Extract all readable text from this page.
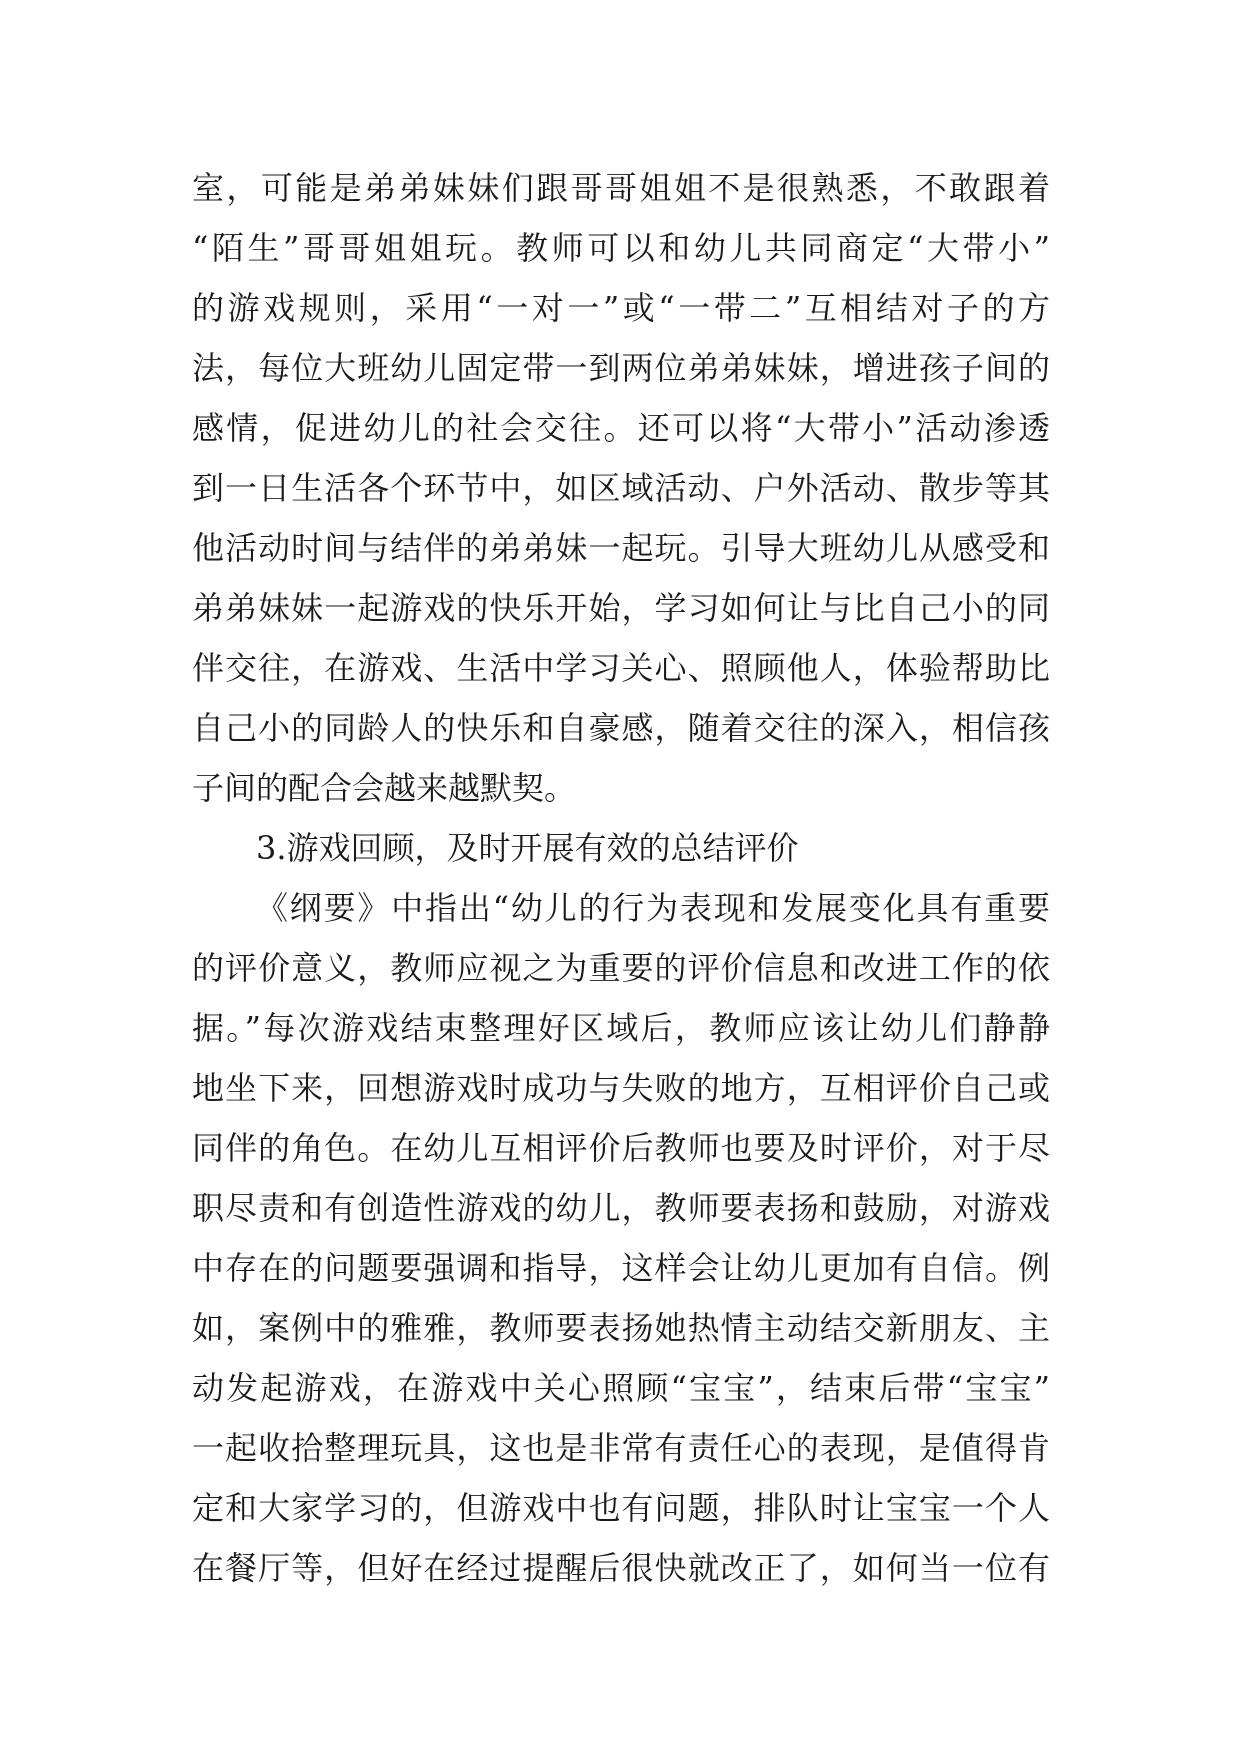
室，可能是弟弟妹妹们跟哥哥姐姐不是很熟悉，不敢跟着
“陌生”哥哥姐姐玩。教师可以和幼儿共同商定“大带小”
的游戏规则，采用“一对一”或“一带二”互相结对子的方
法，每位大班幼儿固定带一到两位弟弟妹妹，增进孩子间的
感情，促进幼儿的社会交往。还可以将“大带小”活动渗透
到一日生活各个环节中，如区域活动、户外活动、散步等其
他活动时间与结伴的弟弟妹一起玩。引导大班幼儿从感受和
弟弟妹妹一起游戏的快乐开始，学习如何让与比自己小的同
伴交往，在游戏、生活中学习关心、照顾他人，体验帮助比
自己小的同龄人的快乐和自豪感，随着交往的深入，相信孩
子间的配合会越来越默契。
3.游戏回顾，及时开展有效的总结评价
《纲要》中指出“幼儿的行为表现和发展变化具有重要
的评价意义，教师应视之为重要的评价信息和改进工作的依
据。”每次游戏结束整理好区域后，教师应该让幼儿们静静
地坐下来，回想游戏时成功与失败的地方，互相评价自己或
同伴的角色。在幼儿互相评价后教师也要及时评价，对于尽
职尽责和有创造性游戏的幼儿，教师要表扬和鼓励，对游戏
中存在的问题要强调和指导，这样会让幼儿更加有自信。例
如，案例中的雅雅，教师要表扬她热情主动结交新朋友、主
动发起游戏，在游戏中关心照顾“宝宝”，结束后带“宝宝”
一起收拾整理玩具，这也是非常有责任心的表现，是值得肯
定和大家学习的，但游戏中也有问题，排队时让宝宝一个人
在餐厅等，但好在经过提醒后很快就改正了，如何当一位有
